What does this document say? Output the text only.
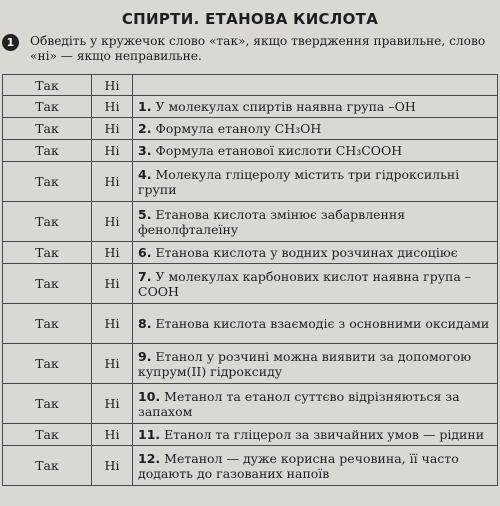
СПИРТИ. ЕТАНОВА КИСЛОТА
1	Обведіть у кружечок слово «так», якщо твердження правильне, слово «ні» — якщо неправильне.
Так	Ні	
Так	Ні	1. У молекулах спиртів наявна група –OH
Так	Ні	2. Формула етанолу CH₃OH
Так	Ні	3. Формула етанової кислоти CH₃COOH
Так	Ні	4. Молекула гліцеролу містить три гідроксильні групи
Так	Ні	5. Етанова кислота змінює забарвлення фенолфталеїну
Так	Ні	6. Етанова кислота у водних розчинах дисоціює
Так	Ні	7. У молекулах карбонових кислот наявна група –COOH
Так	Ні	8. Етанова кислота взаємодіє з основними оксидами
Так	Ні	9. Етанол у розчині можна виявити за допомогою купрум(II) гідроксиду
Так	Ні	10. Метанол та етанол суттєво відрізняються за запахом
Так	Ні	11. Етанол та гліцерол за звичайних умов — рідини
Так	Ні	12. Метанол — дуже корисна речовина, її часто додають до газованих напоїв
